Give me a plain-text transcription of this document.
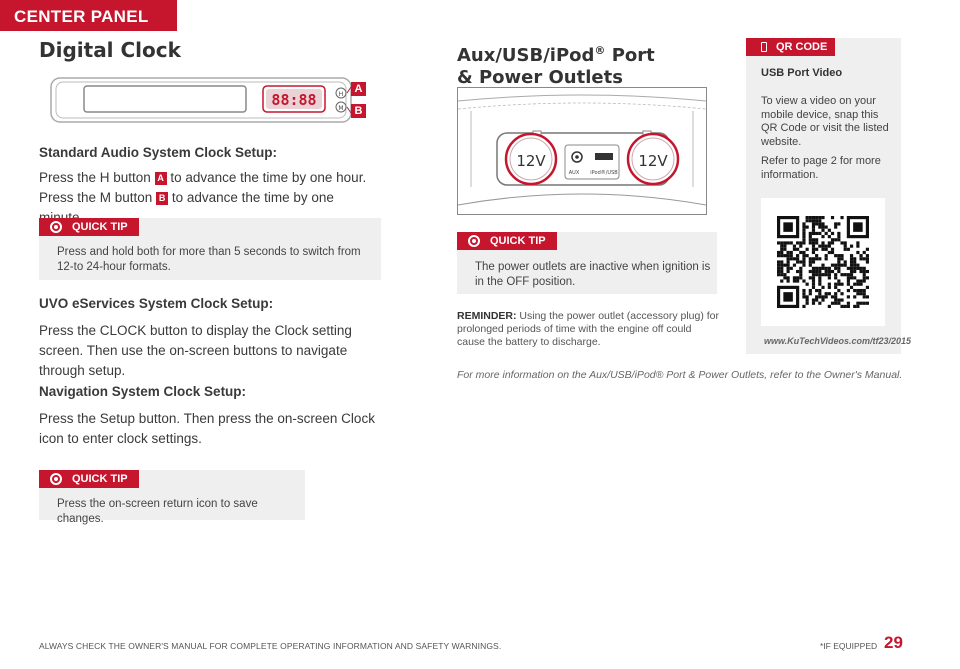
CENTER PANEL
Digital Clock
88:88	H
M
A
B
Standard Audio System Clock Setup:
Press the H button A to advance the time by one hour. Press the M button B to advance the time by one
QUICK TIP
Press and hold both for more than 5 seconds to switch from 12-to 24-hour formats.
UVO eServices System Clock Setup:
Press the CLOCK button to display the Clock setting screen. Then use the on-screen buttons to navigate through setup.
Navigation System Clock Setup:
Press the Setup button. Then press the on-screen Clock icon to enter clock settings.
QUICK TIP
Press the on-screen return icon to save changes.
Aux/USB/iPod® Port
& Power Outlets
12V	12V
AUX iPod®/USB
QUICK TIP
The power outlets are inactive when ignition is in the OFF position.
REMINDER: Using the power outlet (accessory plug) for prolonged periods of time with the engine off could cause the battery to discharge.
QR CODE
USB Port Video

To view a video on your mobile device, snap this QR Code or visit the listed website.

Refer to page 2 for more information.

www.KuTechVideos.com/tf23/2015
For more information on the Aux/USB/iPod® Port & Power Outlets, refer to the Owner's Manual.
ALWAYS CHECK THE OWNER'S MANUAL FOR COMPLETE OPERATING INFORMATION AND SAFETY WARNINGS.	*IF EQUIPPED 29
